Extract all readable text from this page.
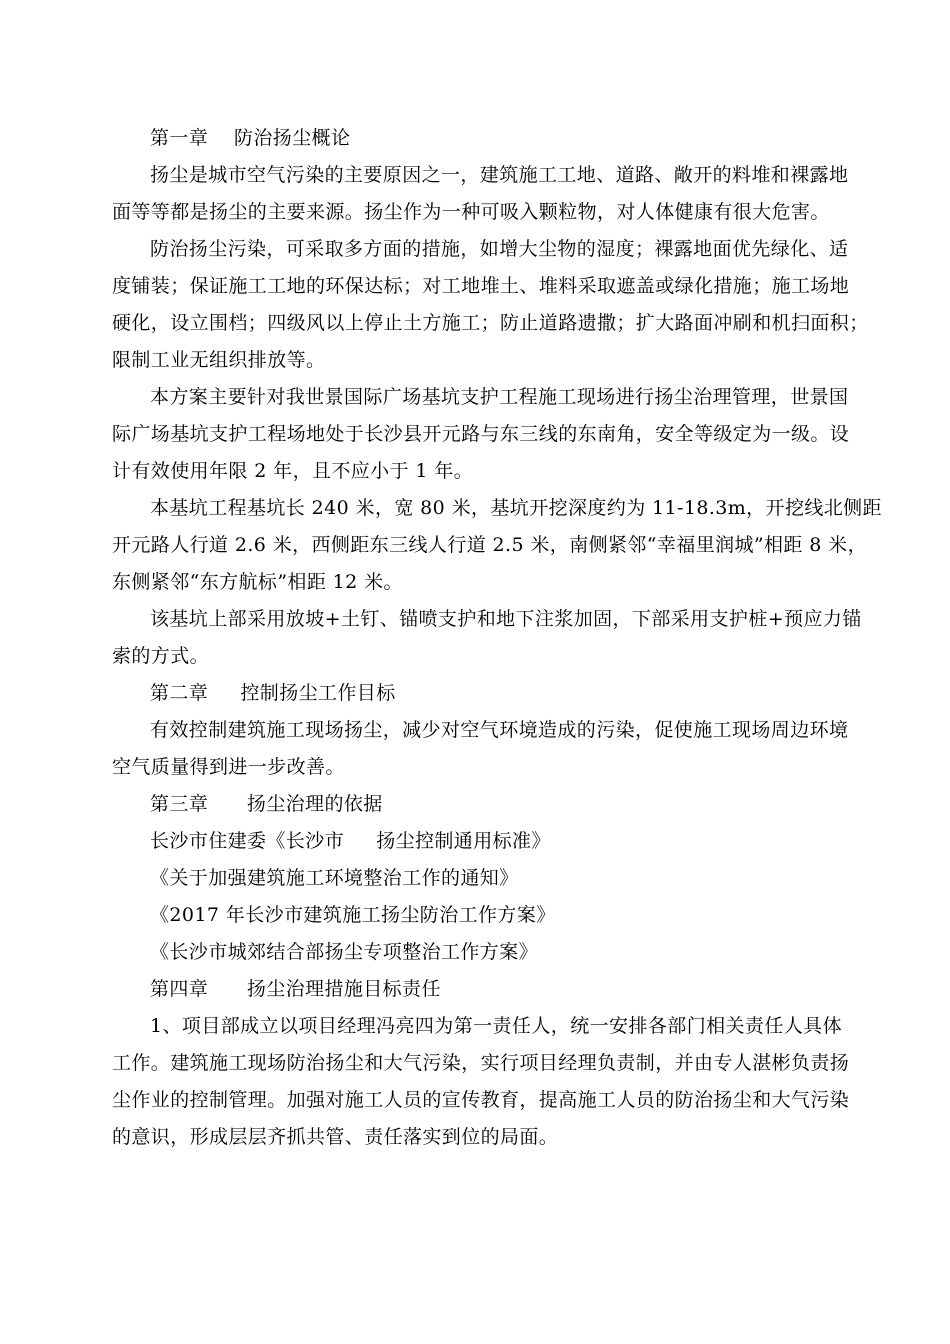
第一章    防治扬尘概论

扬尘是城市空气污染的主要原因之一，建筑施工工地、道路、敞开的料堆和裸露地

面等等都是扬尘的主要来源。扬尘作为一种可吸入颗粒物，对人体健康有很大危害。

防治扬尘污染，可采取多方面的措施，如增大尘物的湿度；裸露地面优先绿化、适

度铺装；保证施工工地的环保达标；对工地堆土、堆料采取遮盖或绿化措施；施工场地

硬化，设立围档；四级风以上停止土方施工；防止道路遗撒；扩大路面冲刷和机扫面积；

限制工业无组织排放等。

本方案主要针对我世景国际广场基坑支护工程施工现场进行扬尘治理管理，世景国

际广场基坑支护工程场地处于长沙县开元路与东三线的东南角，安全等级定为一级。设

计有效使用年限 2 年，且不应小于 1 年。

本基坑工程基坑长 240 米，宽 80 米，基坑开挖深度约为 11-18.3m，开挖线北侧距

开元路人行道 2.6 米，西侧距东三线人行道 2.5 米，南侧紧邻“幸福里润城”相距 8 米，

东侧紧邻“东方航标”相距 12 米。

该基坑上部采用放坡+土钉、锚喷支护和地下注浆加固，下部采用支护桩+预应力锚

索的方式。

第二章     控制扬尘工作目标

有效控制建筑施工现场扬尘，减少对空气环境造成的污染，促使施工现场周边环境

空气质量得到进一步改善。

第三章      扬尘治理的依据

长沙市住建委《长沙市     扬尘控制通用标准》

《关于加强建筑施工环境整治工作的通知》

《2017 年长沙市建筑施工扬尘防治工作方案》

《长沙市城郊结合部扬尘专项整治工作方案》

第四章      扬尘治理措施目标责任

1、项目部成立以项目经理冯亮四为第一责任人，统一安排各部门相关责任人具体

工作。建筑施工现场防治扬尘和大气污染，实行项目经理负责制，并由专人湛彬负责扬

尘作业的控制管理。加强对施工人员的宣传教育，提高施工人员的防治扬尘和大气污染

的意识，形成层层齐抓共管、责任落实到位的局面。
